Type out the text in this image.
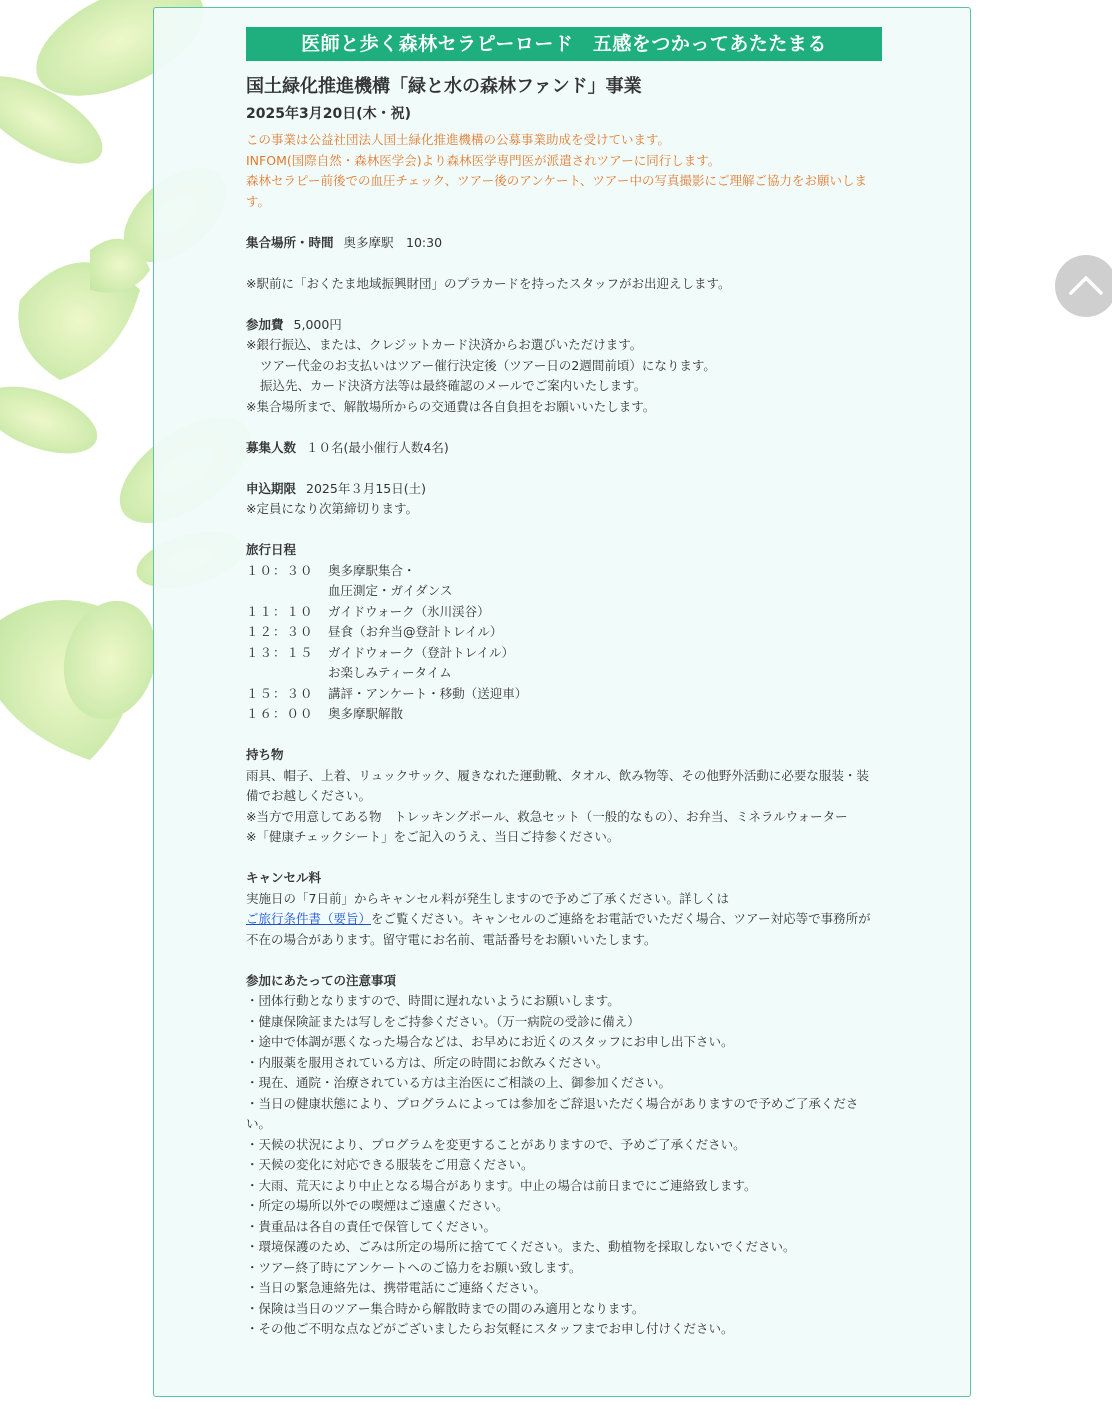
医師と歩く森林セラピーロード　五感をつかってあたたまる
国土緑化推進機構「緑と水の森林ファンド」事業
2025年3月20日(木・祝)

この事業は公益社団法人国土緑化推進機構の公募事業助成を受けています。

INFOM(国際自然・森林医学会)より森林医学専門医が派遣されツアーに同行します。

森林セラピー前後での血圧チェック、ツアー後のアンケート、ツアー中の写真撮影にご理解ご協力をお願いします。

集合場所・時間 奥多摩駅　10:30

※駅前に「おくたま地域振興財団」のプラカードを持ったスタッフがお出迎えします。

参加費 5,000円

※銀行振込、または、クレジットカード決済からお選びいただけます。

ツアー代金のお支払いはツアー催行決定後（ツアー日の2週間前頃）になります。

振込先、カード決済方法等は最終確認のメールでご案内いたします。

※集合場所まで、解散場所からの交通費は各自負担をお願いいたします。

募集人数 １０名(最小催行人数4名)

申込期限 2025年３月15日(土)

※定員になり次第締切ります。

旅行日程

１０：３０	奥多摩駅集合・
血圧測定・ガイダンス
１１：１０	ガイドウォーク（氷川渓谷）
１２：３０	昼食（お弁当@登計トレイル）
１３：１５	ガイドウォーク（登計トレイル）
お楽しみティータイム
１５：３０	講評・アンケート・移動（送迎車）
１６：００	奥多摩駅解散

持ち物

雨具、帽子、上着、リュックサック、履きなれた運動靴、タオル、飲み物等、その他野外活動に必要な服装・装備でお越しください。

※当方で用意してある物　トレッキングポール、救急セット（一般的なもの）、お弁当、ミネラルウォーター

※「健康チェックシート」をご記入のうえ、当日ご持参ください。

キャンセル料

実施日の「7日前」からキャンセル料が発生しますので予めご了承ください。詳しくは
ご旅行条件書（要旨）をご覧ください。キャンセルのご連絡をお電話でいただく場合、ツアー対応等で事務所が不在の場合があります。留守電にお名前、電話番号をお願いいたします。

参加にあたっての注意事項

・団体行動となりますので、時間に遅れないようにお願いします。

・健康保険証または写しをご持参ください。（万一病院の受診に備え）

・途中で体調が悪くなった場合などは、お早めにお近くのスタッフにお申し出下さい。

・内服薬を服用されている方は、所定の時間にお飲みください。

・現在、通院・治療されている方は主治医にご相談の上、御参加ください。

・当日の健康状態により、プログラムによっては参加をご辞退いただく場合がありますので予めご了承ください。

・天候の状況により、プログラムを変更することがありますので、予めご了承ください。

・天候の変化に対応できる服装をご用意ください。

・大雨、荒天により中止となる場合があります。中止の場合は前日までにご連絡致します。

・所定の場所以外での喫煙はご遠慮ください。

・貴重品は各自の責任で保管してください。

・環境保護のため、ごみは所定の場所に捨ててください。また、動植物を採取しないでください。

・ツアー終了時にアンケートへのご協力をお願い致します。

・当日の緊急連絡先は、携帯電話にご連絡ください。

・保険は当日のツアー集合時から解散時までの間のみ適用となります。

・その他ご不明な点などがございましたらお気軽にスタッフまでお申し付けください。
